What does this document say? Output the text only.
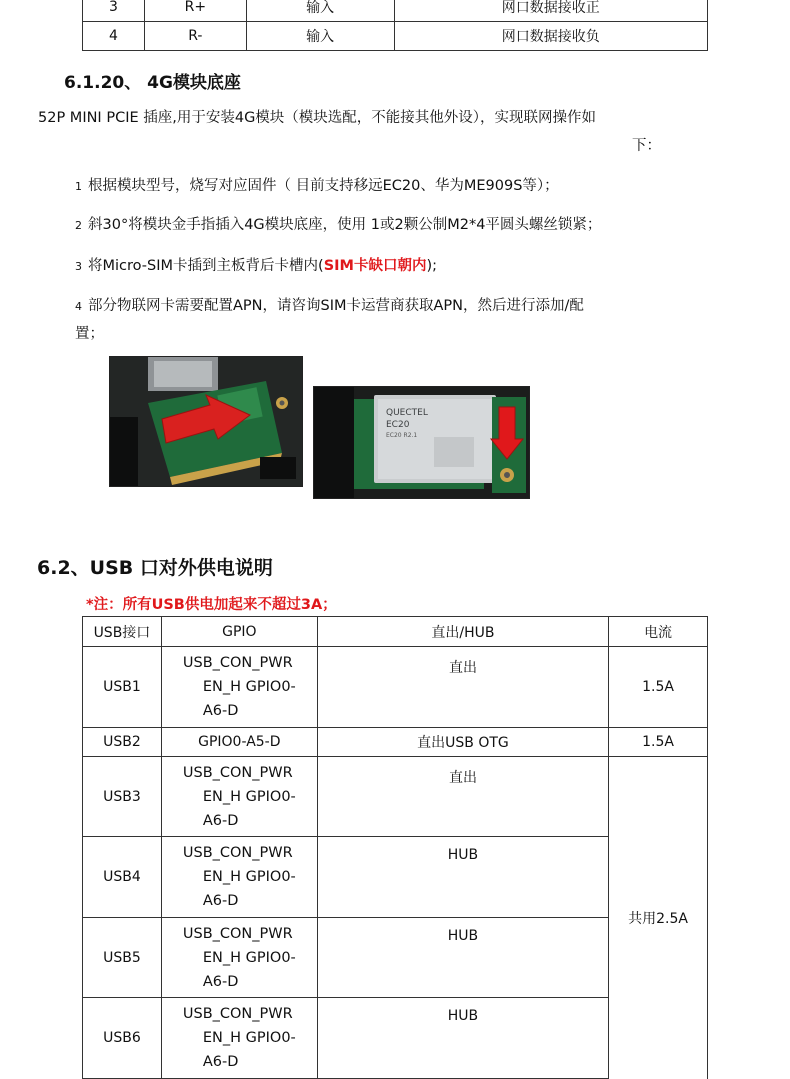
3	R+	输入	网口数据接收正
4	R-	输入	网口数据接收负
6.1.20、 4G模块底座
52P MINI PCIE 插座,用于安装4G模块（模块选配，不能接其他外设），实现联网操作如
下：
1 根据模块型号，烧写对应固件（ 目前支持移远EC20、华为ME909S等）；
2 斜30°将模块金手指插入4G模块底座，使用 1或2颗公制M2*4平圆头螺丝锁紧；
3 将Micro-SIM卡插到主板背后卡槽内(SIM卡缺口朝内);
4 部分物联网卡需要配置APN，请咨询SIM卡运营商获取APN，然后进行添加/配
置；
QUECTEL
EC20
EC20 R2.1
6.2、USB 口对外供电说明
*注：所有USB供电加起来不超过3A；
USB接口	GPIO	直出/HUB	电流
USB1	USB_CON_PWR
EN_H GPIO0-
A6-D	直出	1.5A
USB2	GPIO0-A5-D	直出USB OTG	1.5A
USB3	USB_CON_PWR
EN_H GPIO0-
A6-D	直出	共用2.5A
USB4	USB_CON_PWR
EN_H GPIO0-
A6-D	HUB	
USB5	USB_CON_PWR
EN_H GPIO0-
A6-D	HUB	
USB6	USB_CON_PWR
EN_H GPIO0-
A6-D	HUB	
